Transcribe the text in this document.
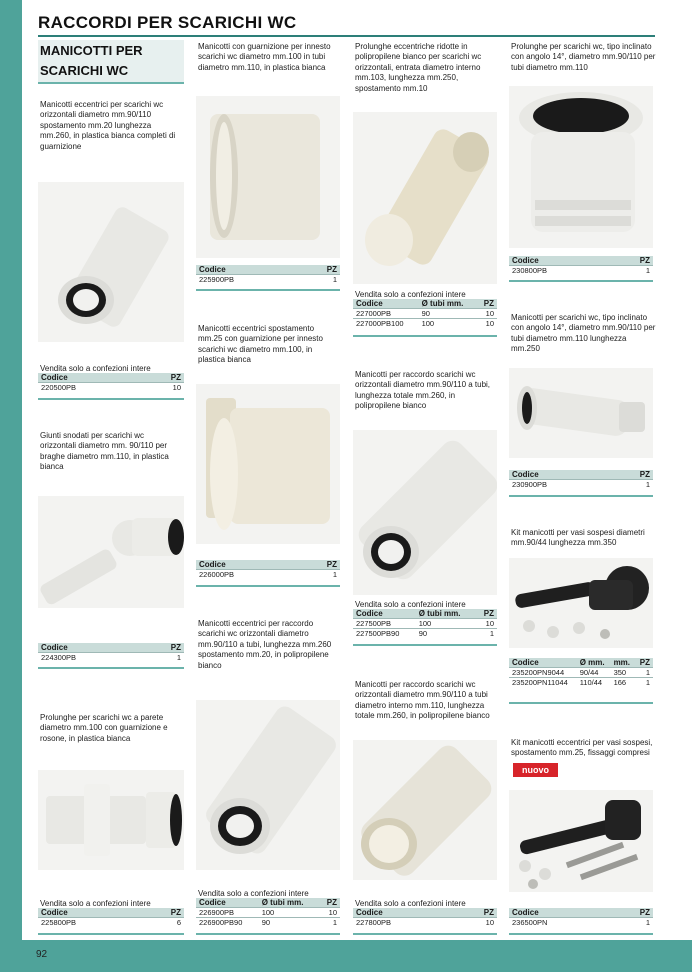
92
RACCORDI PER SCARICHI WC
MANICOTTI PER
SCARICHI WC
Manicotti eccentrici per scarichi wc orizzontali diametro mm.90/110 spostamento mm.20 lunghezza mm.260, in plastica bianca completi di guarnizione
Vendita solo a confezioni intere
Codice	PZ
220500PB	10
Giunti snodati per scarichi wc orizzontali diametro mm. 90/110 per braghe diametro mm.110, in plastica bianca
Codice	PZ
224300PB	1
Prolunghe per scarichi wc a parete diametro mm.100 con guarnizione e rosone, in plastica bianca
Vendita solo a confezioni intere
Codice	PZ
225800PB	6
Manicotti con guarnizione per innesto scarichi wc diametro mm.100 in tubi diametro mm.110, in plastica bianca
Codice	PZ
225900PB	1
Manicotti eccentrici spostamento mm.25 con guarnizione per innesto scarichi wc diametro mm.100, in plastica bianca
Codice	PZ
226000PB	1
Manicotti eccentrici per raccordo scarichi wc orizzontali diametro mm.90/110 a tubi, lunghezza mm.260 spostamento mm.20, in polipropilene bianco
Vendita solo a confezioni intere
Codice	Ø tubi mm.	PZ
226900PB	100	10
226900PB90	90	1
Prolunghe eccentriche ridotte in polipropilene bianco per scarichi wc orizzontali, entrata diametro interno mm.103, lunghezza mm.250, spostamento mm.10
Vendita solo a confezioni intere
Codice	Ø tubi mm.	PZ
227000PB	90	10
227000PB100	100	10
Manicotti per raccordo scarichi wc orizzontali diametro mm.90/110 a tubi, lunghezza totale mm.260, in polipropilene bianco
Vendita solo a confezioni intere
Codice	Ø tubi mm.	PZ
227500PB	100	10
227500PB90	90	1
Manicotti per raccordo scarichi wc orizzontali diametro mm.90/110 a tubi diametro interno mm.110, lunghezza totale mm.260, in polipropilene bianco
Vendita solo a confezioni intere
Codice	PZ
227800PB	10
Prolunghe per scarichi wc, tipo inclinato con angolo 14°, diametro mm.90/110 per tubi diametro mm.110
Codice	PZ
230800PB	1
Manicotti per scarichi wc, tipo inclinato con angolo 14°, diametro mm.90/110 per tubi diametro mm.110 lunghezza mm.250
Codice	PZ
230900PB	1
Kit manicotti per vasi sospesi diametri mm.90/44 lunghezza mm.350
Codice	Ø mm.	mm.	PZ
235200PN9044	90/44	350	1
235200PN11044	110/44	166	1
Kit manicotti eccentrici per vasi sospesi, spostamento mm.25, fissaggi compresi
nuovo
Codice	PZ
236500PN	1
